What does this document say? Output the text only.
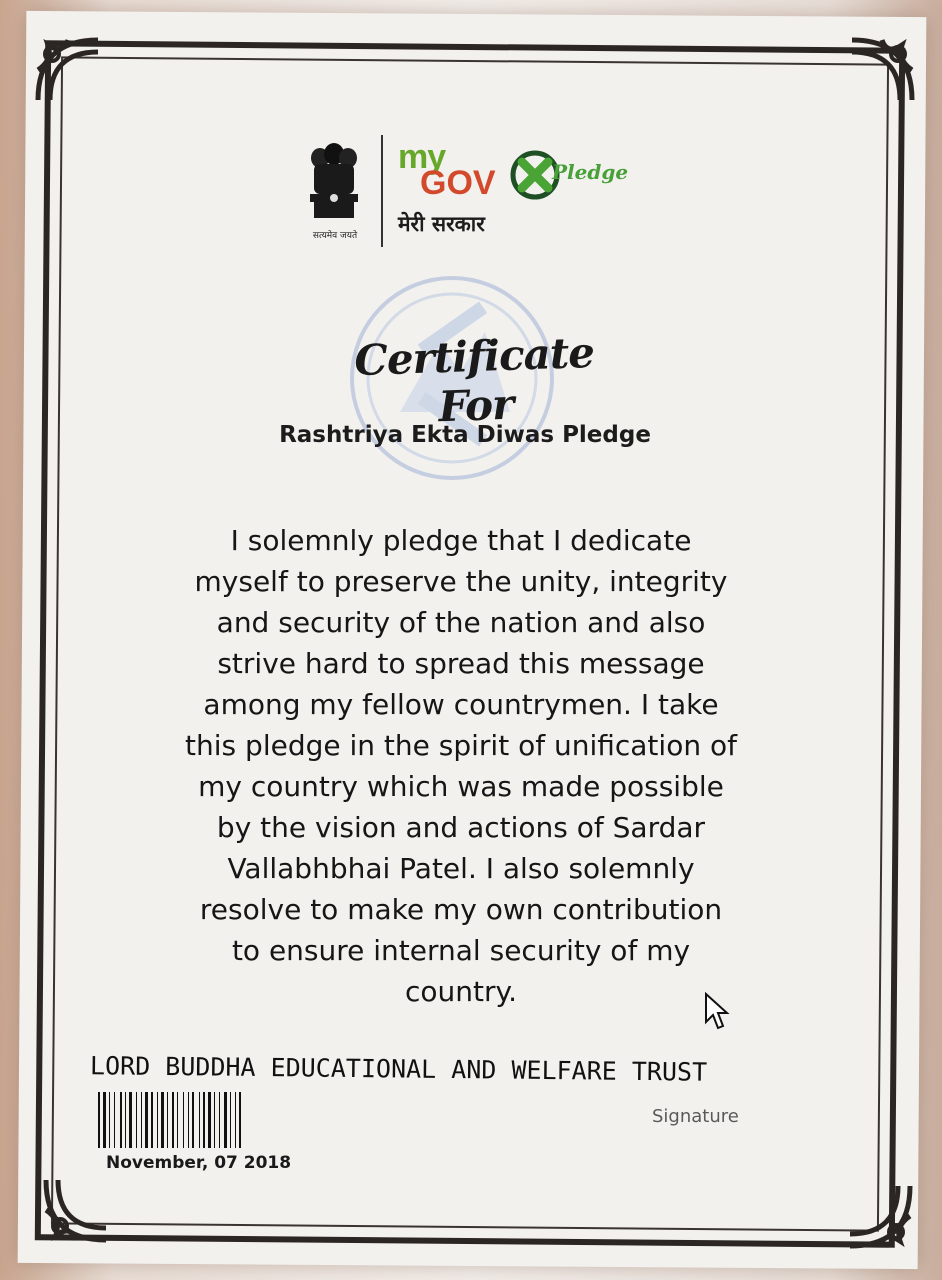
सत्यमेव जयते
my
GOV
मेरी सरकार
Pledge
Certificate For
Rashtriya Ekta Diwas Pledge
I solemnly pledge that I dedicate
myself to preserve the unity, integrity
and security of the nation and also
strive hard to spread this message
among my fellow countrymen. I take
this pledge in the spirit of unification of
my country which was made possible
by the vision and actions of Sardar
Vallabhbhai Patel. I also solemnly
resolve to make my own contribution
to ensure internal security of my
country.
LORD BUDDHA EDUCATIONAL AND WELFARE TRUST
November, 07 2018
Signature
